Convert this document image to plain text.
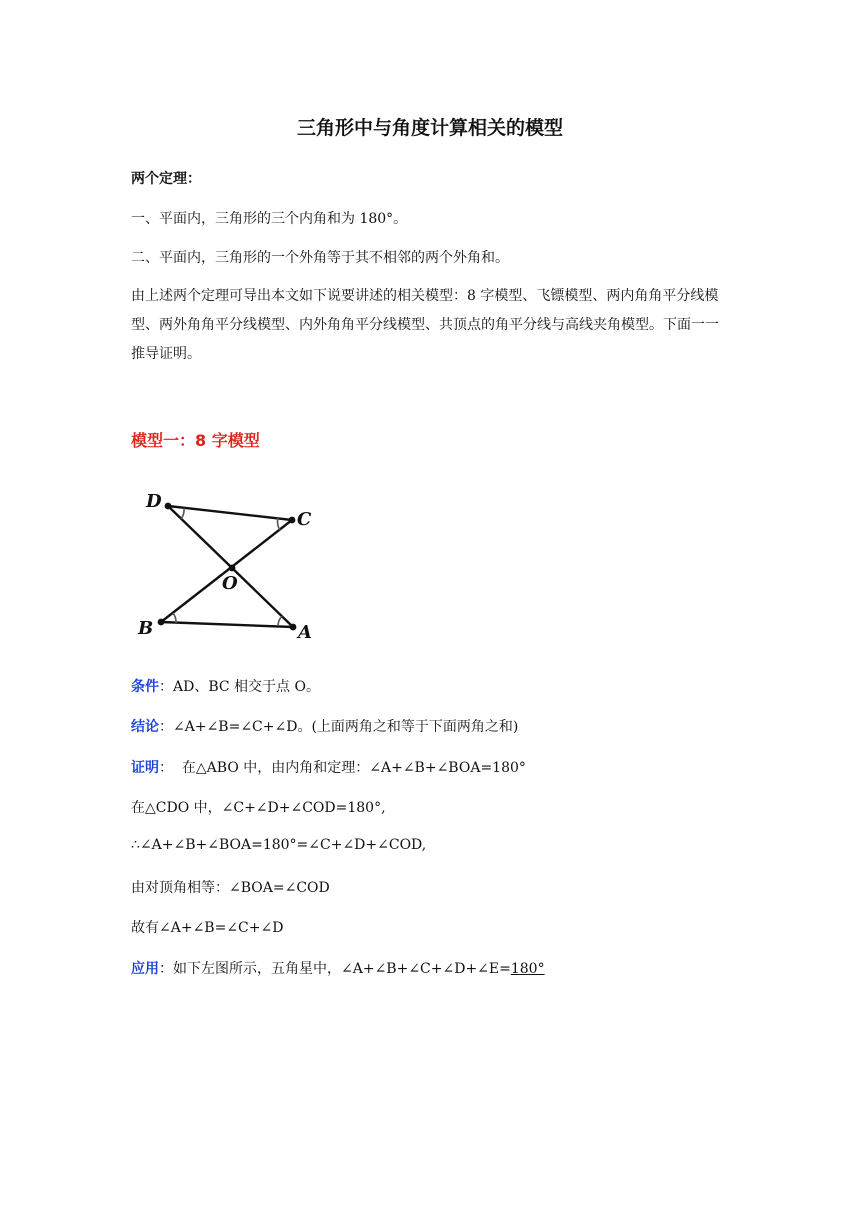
三角形中与角度计算相关的模型
两个定理：
一、平面内，三角形的三个内角和为 180°。
二、平面内，三角形的一个外角等于其不相邻的两个外角和。
由上述两个定理可导出本文如下说要讲述的相关模型：8 字模型、飞镖模型、两内角角平分线模型、两外角角平分线模型、内外角角平分线模型、共顶点的角平分线与高线夹角模型。下面一一推导证明。
模型一：8 字模型
D
C
O
B	A
条件：AD、BC 相交于点 O。
结论：∠A+∠B=∠C+∠D。(上面两角之和等于下面两角之和)
证明：  在△ABO 中，由内角和定理：∠A+∠B+∠BOA=180°
在△CDO 中，∠C+∠D+∠COD=180°,
∴∠A+∠B+∠BOA=180°=∠C+∠D+∠COD,
由对顶角相等：∠BOA=∠COD
故有∠A+∠B=∠C+∠D
应用：如下左图所示，五角星中，∠A+∠B+∠C+∠D+∠E=180°
